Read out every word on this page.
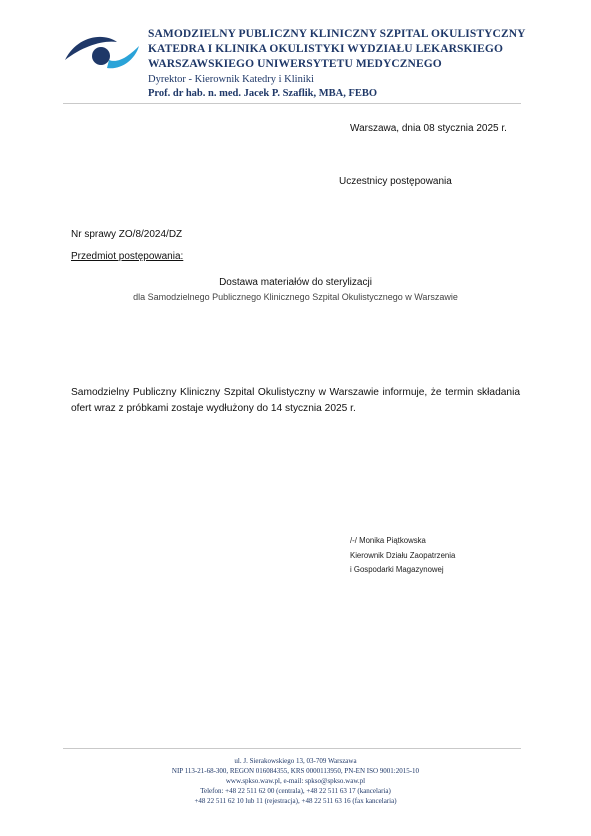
SAMODZIELNY PUBLICZNY KLINICZNY SZPITAL OKULISTYCZNY
KATEDRA I KLINIKA OKULISTYKI WYDZIAŁU LEKARSKIEGO
WARSZAWSKIEGO UNIWERSYTETU MEDYCZNEGO
Dyrektor - Kierownik Katedry i Kliniki
Prof. dr hab. n. med. Jacek P. Szaflik, MBA, FEBO
Warszawa, dnia 08 stycznia 2025 r.
Uczestnicy postępowania
Nr sprawy ZO/8/2024/DZ
Przedmiot postępowania:
Dostawa materiałów do sterylizacji
dla Samodzielnego Publicznego Klinicznego Szpital Okulistycznego w Warszawie
Samodzielny Publiczny Kliniczny Szpital Okulistyczny w Warszawie informuje, że termin składania ofert wraz z próbkami zostaje wydłużony do 14 stycznia 2025 r.
/-/ Monika Piątkowska
Kierownik Działu Zaopatrzenia
i Gospodarki Magazynowej
ul. J. Sierakowskiego 13, 03-709 Warszawa
NIP 113-21-68-300, REGON 016084355, KRS 0000113950, PN-EN ISO 9001:2015-10
www.spkso.waw.pl, e-mail: spkso@spkso.waw.pl
Telefon: +48 22 511 62 00 (centrala), +48 22 511 63 17 (kancelaria)
+48 22 511 62 10 lub 11 (rejestracja), +48 22 511 63 16 (fax kancelaria)
